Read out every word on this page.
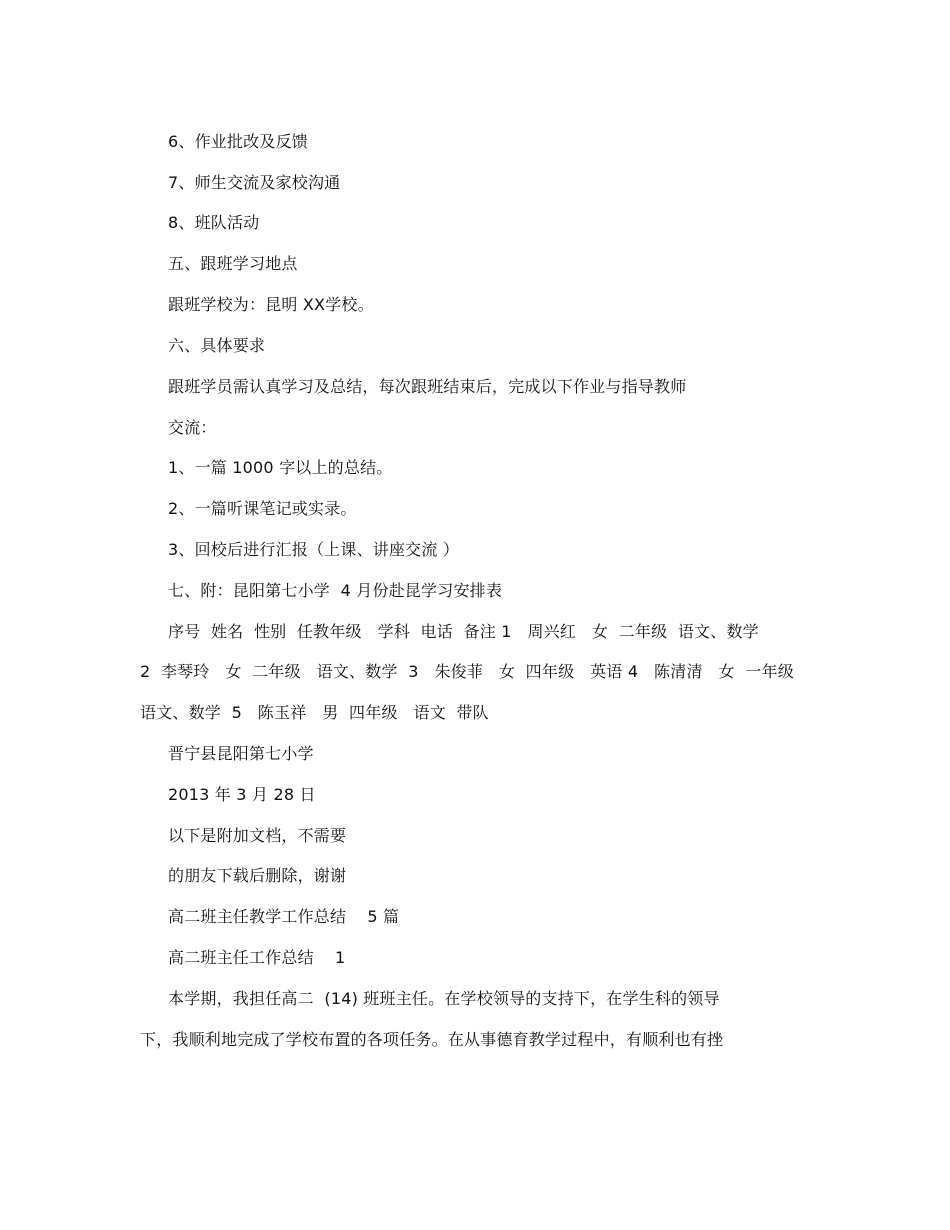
6、作业批改及反馈
7、师生交流及家校沟通
8、班队活动
五、跟班学习地点
跟班学校为：昆明 XX学校。
六、具体要求
跟班学员需认真学习及总结，每次跟班结束后，完成以下作业与指导教师
交流：
1、一篇 1000 字以上的总结。
2、一篇听课笔记或实录。
3、回校后进行汇报（上课、讲座交流 ）
七、附：昆阳第七小学  4 月份赴昆学习安排表
序号  姓名  性别  任教年级   学科  电话  备注 1   周兴红   女  二年级  语文、数学
2  李琴玲   女  二年级   语文、数学  3   朱俊菲   女  四年级   英语 4   陈清清   女  一年级
语文、数学  5   陈玉祥   男  四年级   语文  带队
晋宁县昆阳第七小学
2013 年 3 月 28 日
以下是附加文档，不需要
的朋友下载后删除，谢谢
高二班主任教学工作总结    5 篇
高二班主任工作总结    1
本学期，我担任高二  (14) 班班主任。在学校领导的支持下，在学生科的领导
下，我顺利地完成了学校布置的各项任务。在从事德育教学过程中，有顺利也有挫
